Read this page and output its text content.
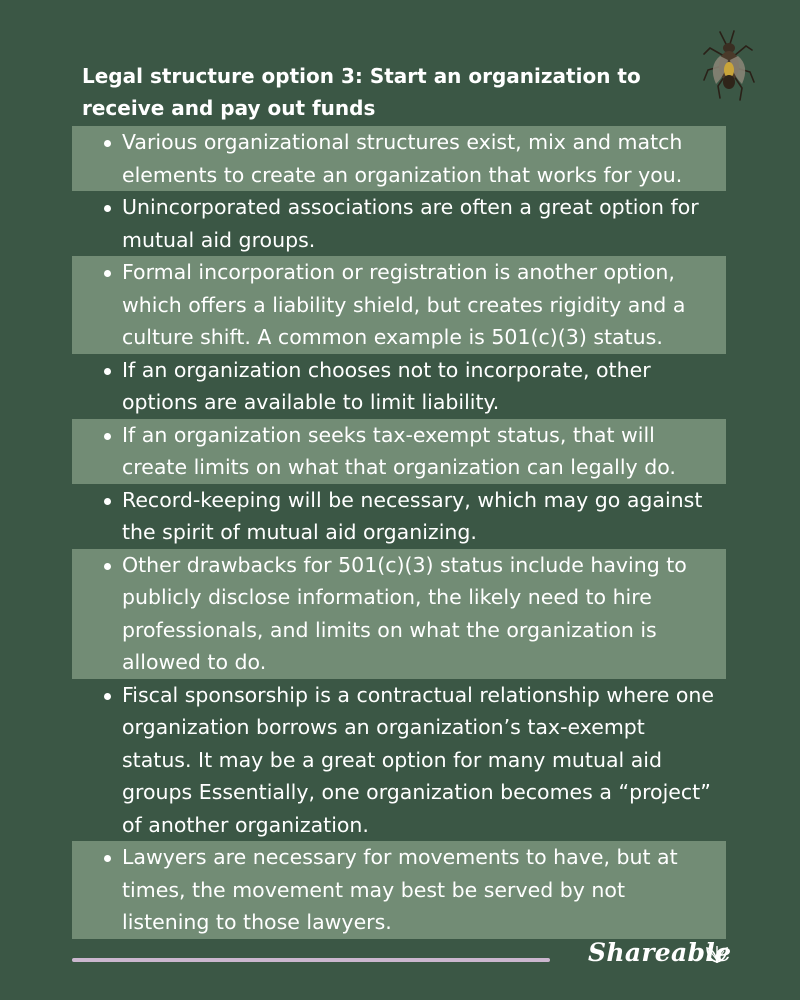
Legal structure option 3: Start an organization to receive and pay out funds
Various organizational structures exist, mix and match elements to create an organization that works for you.
Unincorporated associations are often a great option for mutual aid groups.
Formal incorporation or registration is another option, which offers a liability shield, but creates rigidity and a culture shift. A common example is 501(c)(3) status.
If an organization chooses not to incorporate, other options are available to limit liability.
If an organization seeks tax-exempt status, that will create limits on what that organization can legally do.
Record-keeping will be necessary, which may go against the spirit of mutual aid organizing.
Other drawbacks for 501(c)(3) status include having to publicly disclose information, the likely need to hire professionals, and limits on what the organization is allowed to do.
Fiscal sponsorship is a contractual relationship where one organization borrows an organization’s tax-exempt status. It may be a great option for many mutual aid groups Essentially, one organization becomes a “project” of another organization.
Lawyers are necessary for movements to have, but at times, the movement may best be served by not listening to those lawyers.
Shareable
